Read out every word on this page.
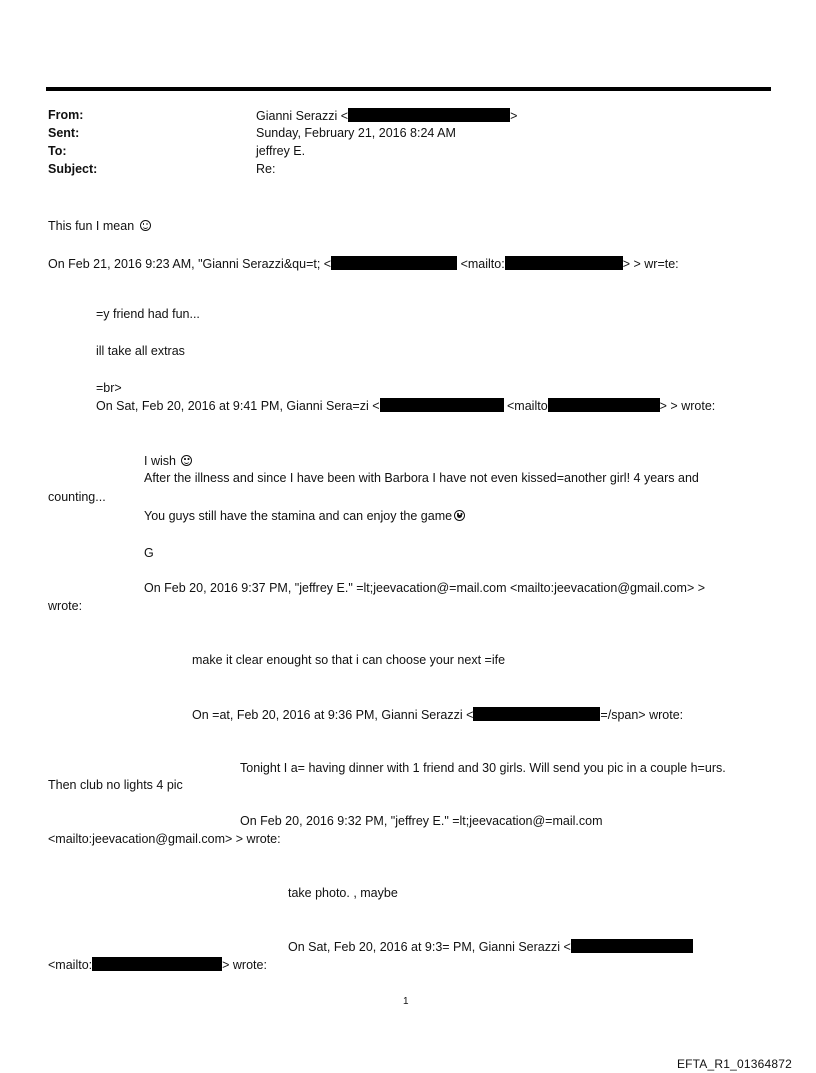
From:	Gianni Serazzi <	>
Sent:	Sunday, February 21, 2016 8:24 AM
To:	jeffrey E.
Subject:	Re:
This fun I mean
On Feb 21, 2016 9:23 AM, "Gianni Serazzi&qu=t; <	<mailto:	> > wr=te:
=y friend had fun...
ill take all extras
=br>
On Sat, Feb 20, 2016 at 9:41 PM, Gianni Sera=zi <	<mailto	> > wrote:
I wish
After the illness and since I have been with Barbora I have not even kissed=another girl! 4 years and
counting...
You guys still have the stamina and can enjoy the game
G
On Feb 20, 2016 9:37 PM, "jeffrey E." =lt;jeevacation@=mail.com <mailto:jeevacation@gmail.com> >
wrote:
make it clear enought so that i can choose your next =ife
On =at, Feb 20, 2016 at 9:36 PM, Gianni Serazzi <	=/span> wrote:
Tonight I a= having dinner with 1 friend and 30 girls. Will send you pic in a couple h=urs.
Then club no lights 4 pic
On Feb 20, 2016 9:32 PM, "jeffrey E." =lt;jeevacation@=mail.com
<mailto:jeevacation@gmail.com> > wrote:
take photo. , maybe
On Sat, Feb 20, 2016 at 9:3= PM, Gianni Serazzi <
<mailto:	> wrote:
1
EFTA_R1_01364872
